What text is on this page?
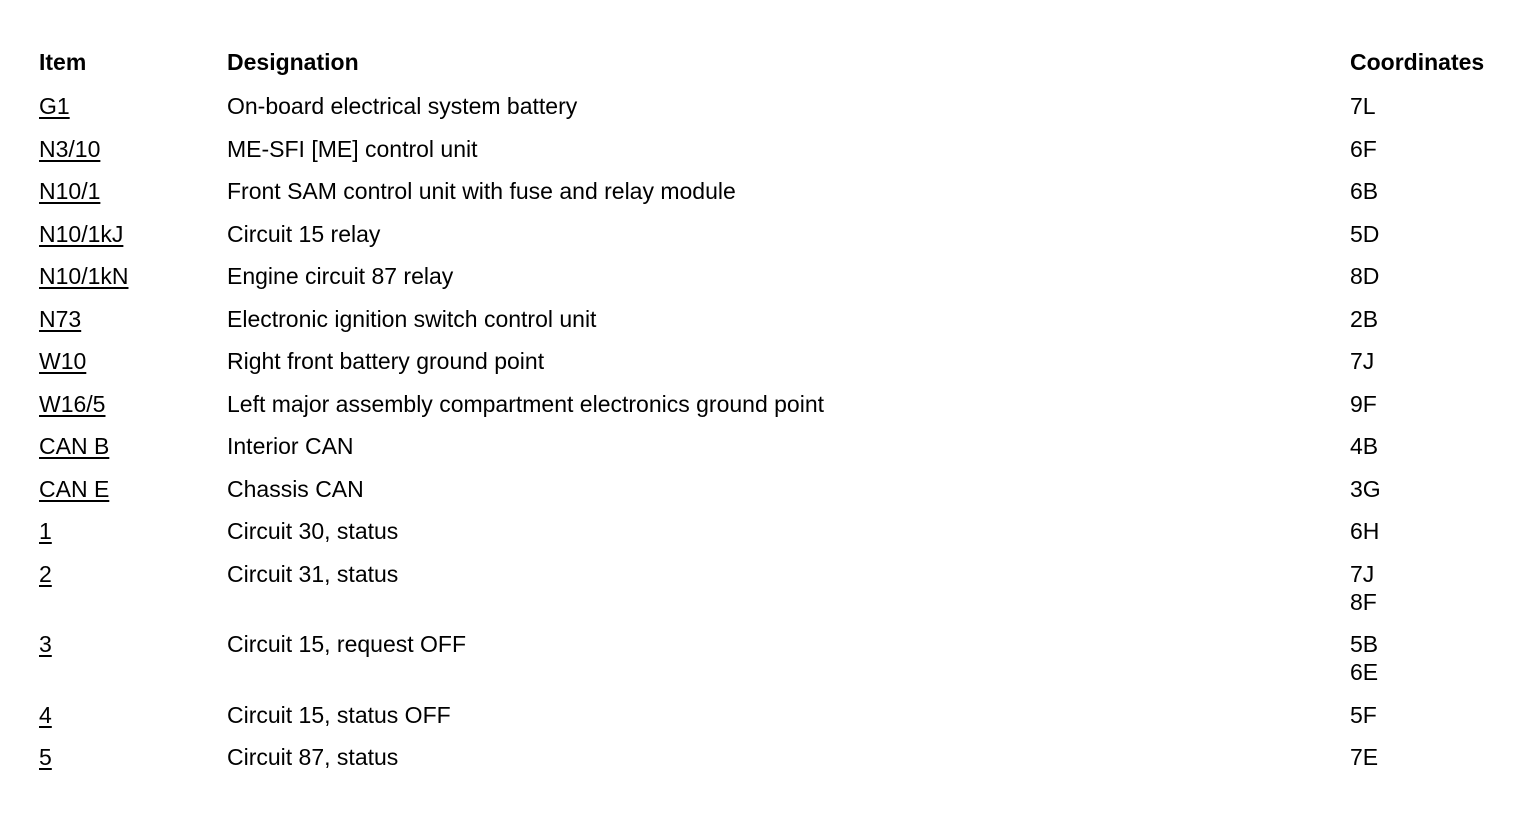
Item	Designation	Coordinates
G1	On-board electrical system battery	7L

N3/10	ME-SFI [ME] control unit	6F

N10/1	Front SAM control unit with fuse and relay module	6B

N10/1kJ	Circuit 15 relay	5D

N10/1kN	Engine circuit 87 relay	8D

N73	Electronic ignition switch control unit	2B

W10	Right front battery ground point	7J

W16/5	Left major assembly compartment electronics ground point	9F

CAN B	Interior CAN	4B

CAN E	Chassis CAN	3G

1	Circuit 30, status	6H

2	Circuit 31, status	7J
8F

3	Circuit 15, request OFF	5B
6E

4	Circuit 15, status OFF	5F

5	Circuit 87, status	7E
